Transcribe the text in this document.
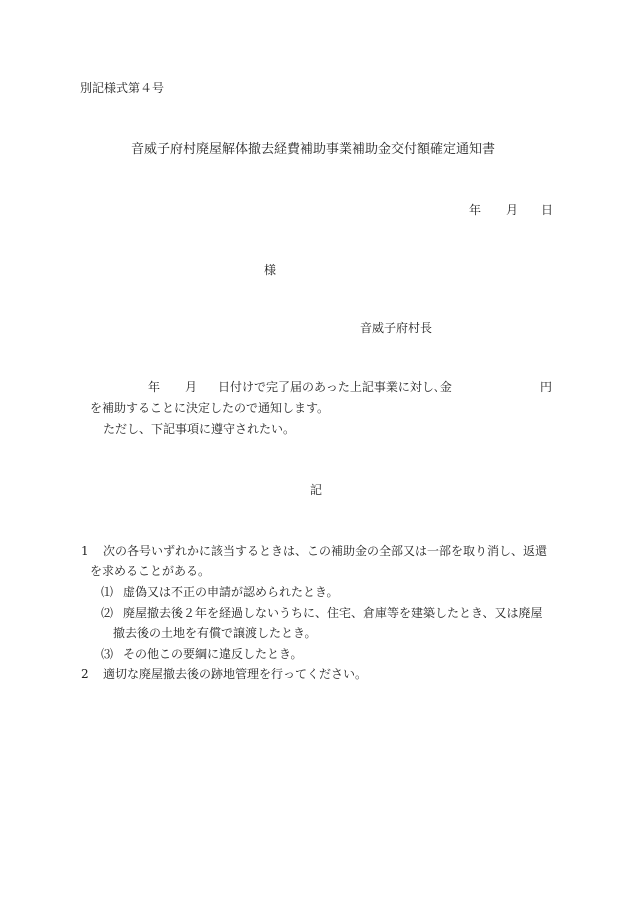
別記様式第４号
音威子府村廃屋解体撤去経費補助事業補助金交付額確定通知書
年 月 日
様
音威子府村長
年 月 日付けで完了届のあった上記事業に対し､金	円
を補助することに決定したので通知します。
ただし、下記事項に遵守されたい。
記
1 次の各号いずれかに該当するときは、この補助金の全部又は一部を取り消し、返還
を求めることがある。
⑴ 虚偽又は不正の申請が認められたとき。
⑵ 廃屋撤去後２年を経過しないうちに、住宅、倉庫等を建築したとき、又は廃屋
撤去後の土地を有償で譲渡したとき。
⑶ その他この要綱に違反したとき。
2 適切な廃屋撤去後の跡地管理を行ってください。
